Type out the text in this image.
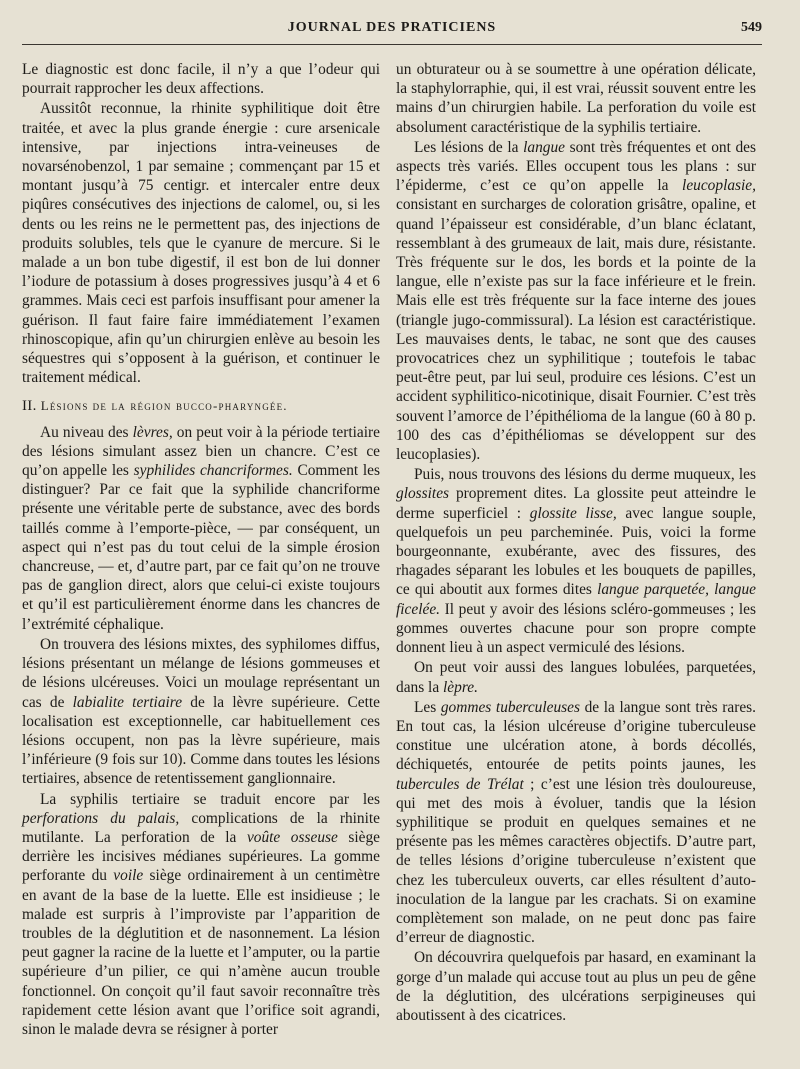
JOURNAL DES PRATICIENS	549

Le diagnostic est donc facile, il n’y a que l’odeur qui pourrait rapprocher les deux affections.

Aussitôt reconnue, la rhinite syphilitique doit être traitée, et avec la plus grande énergie : cure arsenicale intensive, par injections intra-veineuses de novarsénobenzol, 1 par semaine ; commençant par 15 et montant jusqu’à 75 centigr. et intercaler entre deux piqûres consécutives des injections de calomel, ou, si les dents ou les reins ne le permettent pas, des injections de produits solubles, tels que le cyanure de mercure. Si le malade a un bon tube digestif, il est bon de lui donner l’iodure de potassium à doses progressives jusqu’à 4 et 6 grammes. Mais ceci est parfois insuffisant pour amener la guérison. Il faut faire faire immédiatement l’examen rhinoscopique, afin qu’un chirurgien enlève au besoin les séquestres qui s’opposent à la guérison, et continuer le traitement médical.

II. Lésions de la région bucco-pharyngée.

Au niveau des lèvres, on peut voir à la période tertiaire des lésions simulant assez bien un chancre. C’est ce qu’on appelle les syphilides chancriformes. Comment les distinguer? Par ce fait que la syphilide chancriforme présente une véritable perte de substance, avec des bords taillés comme à l’emporte-pièce, — par conséquent, un aspect qui n’est pas du tout celui de la simple érosion chancreuse, — et, d’autre part, par ce fait qu’on ne trouve pas de ganglion direct, alors que celui-ci existe toujours et qu’il est particulièrement énorme dans les chancres de l’extrémité céphalique.

On trouvera des lésions mixtes, des syphilomes diffus, lésions présentant un mélange de lésions gommeuses et de lésions ulcéreuses. Voici un moulage représentant un cas de labialite tertiaire de la lèvre supérieure. Cette localisation est exceptionnelle, car habituellement ces lésions occupent, non pas la lèvre supérieure, mais l’inférieure (9 fois sur 10). Comme dans toutes les lésions tertiaires, absence de retentissement ganglionnaire.

La syphilis tertiaire se traduit encore par les perforations du palais, complications de la rhinite mutilante. La perforation de la voûte osseuse siège derrière les incisives médianes supérieures. La gomme perforante du voile siège ordinairement à un centimètre en avant de la base de la luette. Elle est insidieuse ; le malade est surpris à l’improviste par l’apparition de troubles de la déglutition et de nasonnement. La lésion peut gagner la racine de la luette et l’amputer, ou la partie supérieure d’un pilier, ce qui n’amène aucun trouble fonctionnel. On conçoit qu’il faut savoir reconnaître très rapidement cette lésion avant que l’orifice soit agrandi, sinon le malade devra se résigner à porter

un obturateur ou à se soumettre à une opération délicate, la staphylorraphie, qui, il est vrai, réussit souvent entre les mains d’un chirurgien habile. La perforation du voile est absolument caractéristique de la syphilis tertiaire.

Les lésions de la langue sont très fréquentes et ont des aspects très variés. Elles occupent tous les plans : sur l’épiderme, c’est ce qu’on appelle la leucoplasie, consistant en surcharges de coloration grisâtre, opaline, et quand l’épaisseur est considérable, d’un blanc éclatant, ressemblant à des grumeaux de lait, mais dure, résistante. Très fréquente sur le dos, les bords et la pointe de la langue, elle n’existe pas sur la face inférieure et le frein. Mais elle est très fréquente sur la face interne des joues (triangle jugo-commissural). La lésion est caractéristique. Les mauvaises dents, le tabac, ne sont que des causes provocatrices chez un syphilitique ; toutefois le tabac peut-être peut, par lui seul, produire ces lésions. C’est un accident syphilitico-nicotinique, disait Fournier. C’est très souvent l’amorce de l’épithélioma de la langue (60 à 80 p. 100 des cas d’épithéliomas se développent sur des leucoplasies).

Puis, nous trouvons des lésions du derme muqueux, les glossites proprement dites. La glossite peut atteindre le derme superficiel : glossite lisse, avec langue souple, quelquefois un peu parcheminée. Puis, voici la forme bourgeonnante, exubérante, avec des fissures, des rhagades séparant les lobules et les bouquets de papilles, ce qui aboutit aux formes dites langue parquetée, langue ficelée. Il peut y avoir des lésions scléro-gommeuses ; les gommes ouvertes chacune pour son propre compte donnent lieu à un aspect vermiculé des lésions.

On peut voir aussi des langues lobulées, parquetées, dans la lèpre.

Les gommes tuberculeuses de la langue sont très rares. En tout cas, la lésion ulcéreuse d’origine tuberculeuse constitue une ulcération atone, à bords décollés, déchiquetés, entourée de petits points jaunes, les tubercules de Trélat ; c’est une lésion très douloureuse, qui met des mois à évoluer, tandis que la lésion syphilitique se produit en quelques semaines et ne présente pas les mêmes caractères objectifs. D’autre part, de telles lésions d’origine tuberculeuse n’existent que chez les tuberculeux ouverts, car elles résultent d’auto-inoculation de la langue par les crachats. Si on examine complètement son malade, on ne peut donc pas faire d’erreur de diagnostic.

On découvrira quelquefois par hasard, en examinant la gorge d’un malade qui accuse tout au plus un peu de gêne de la déglutition, des ulcérations serpigineuses qui aboutissent à des cicatrices.
